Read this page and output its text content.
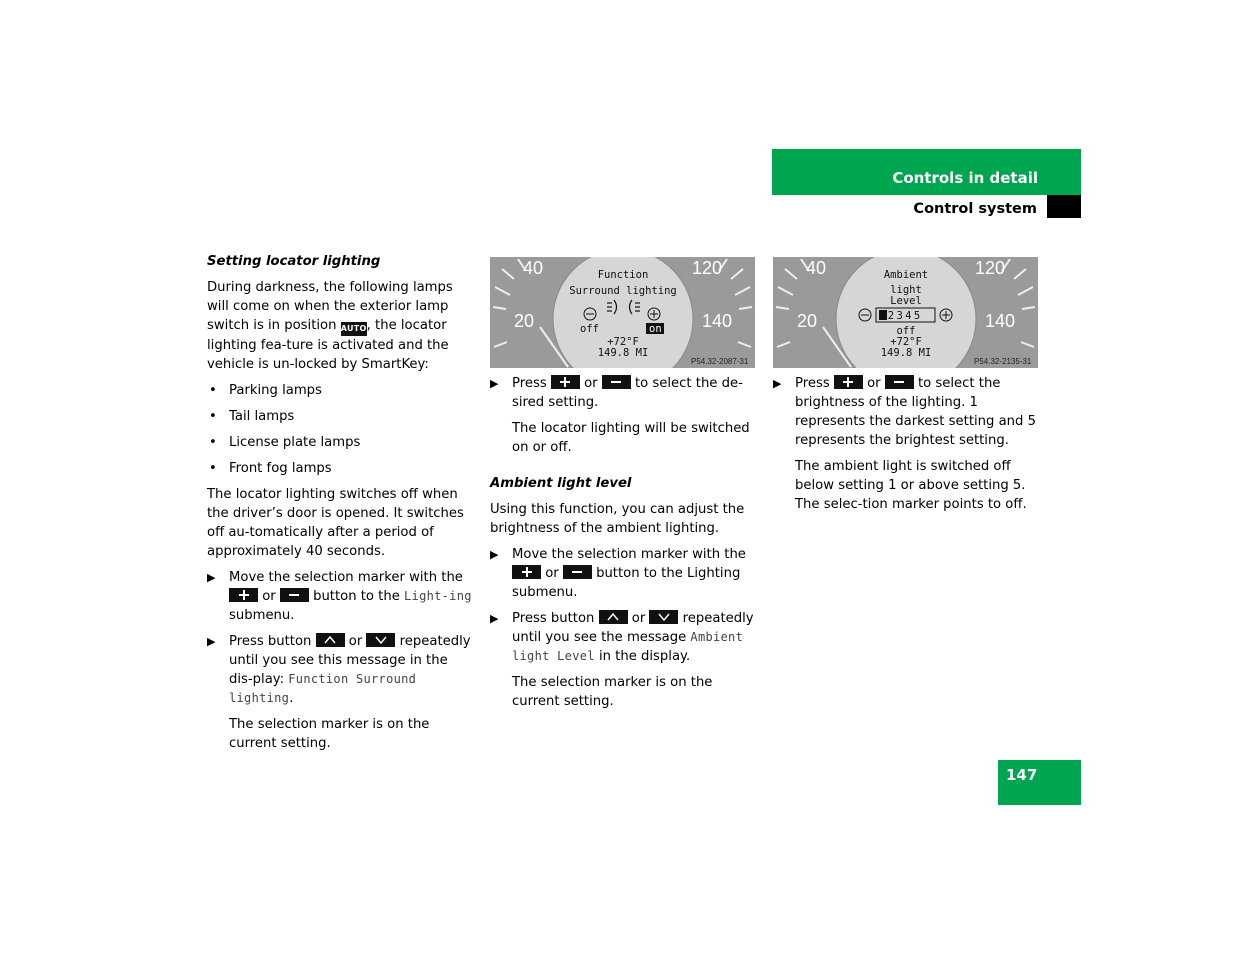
Controls in detail
Control system
Setting locator lighting

During darkness, the following lamps will come on when the exterior lamp switch is in position AUTO, the locator lighting fea-ture is activated and the vehicle is un-locked by SmartKey:

• Parking lamps
• Tail lamps
• License plate lamps
• Front fog lamps

The locator lighting switches off when the driver’s door is opened. It switches off au-tomatically after a period of approximately 40 seconds.

▶ Move the selection marker with the
or
button to the Light-ing submenu.
▶ Press button
or
repeatedly until you see this message in the dis-play: Function Surround lighting.
The selection marker is on the current setting.
40
20
120
140
Function
Surround lighting
off	on
+72°F
149.8 MI
P54.32-2087-31
▶ Press
or
to select the de-sired setting.
The locator lighting will be switched on or off.
Ambient light level

Using this function, you can adjust the brightness of the ambient lighting.

▶ Move the selection marker with the
or
button to the Lighting submenu.
▶ Press button
or
repeatedly until you see the message Ambient light Level in the display.
The selection marker is on the current setting.
40
20
120
140
Ambient
light
Level
12345
off
+72°F
149.8 MI
P54.32-2135-31
▶ Press
or
to select the brightness of the lighting. 1 represents the darkest setting and 5 represents the brightest setting.
The ambient light is switched off below setting 1 or above setting 5. The selec-tion marker points to off.
147
